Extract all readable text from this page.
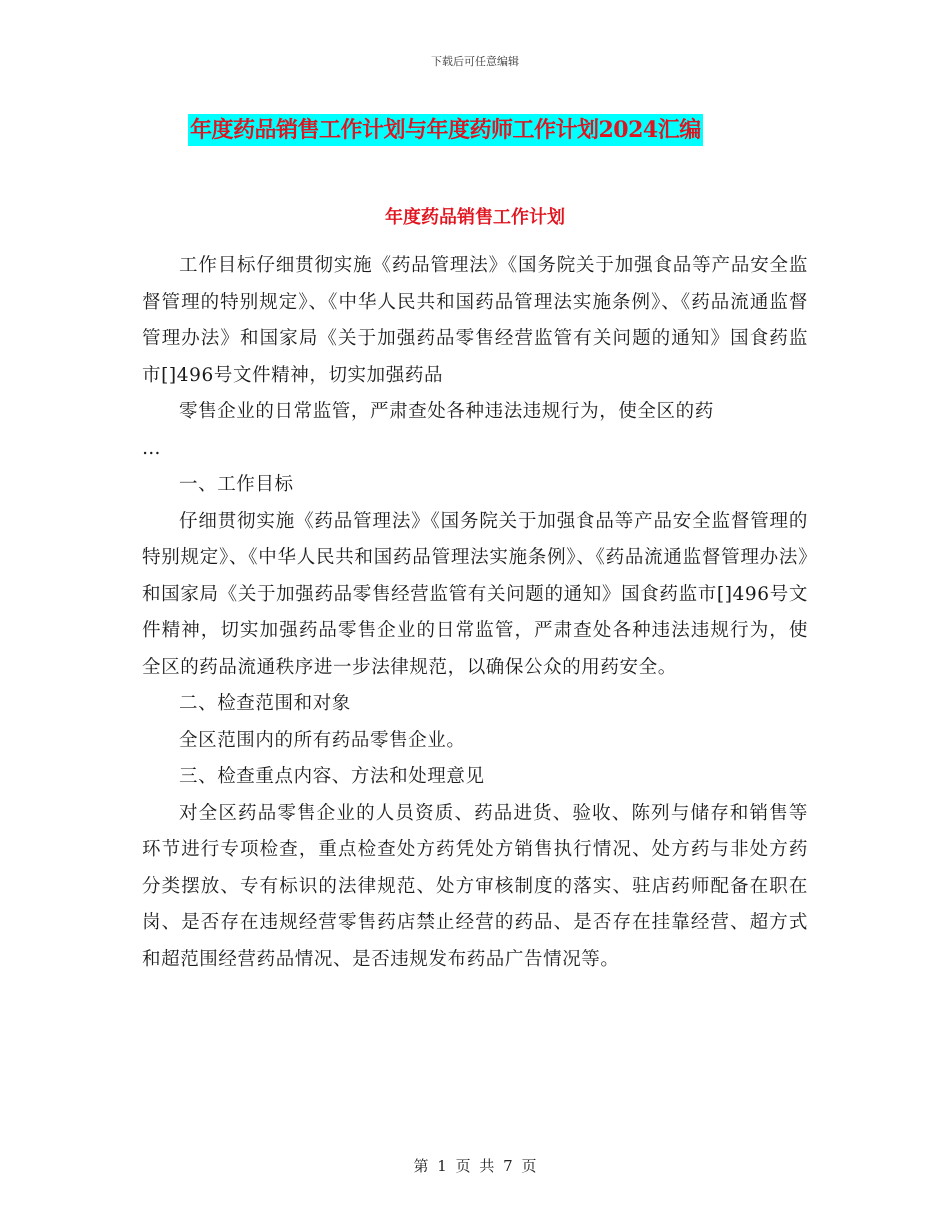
下载后可任意编辑
年度药品销售工作计划与年度药师工作计划2024汇编
年度药品销售工作计划

工作目标仔细贯彻实施《药品管理法》《国务院关于加强食品等产品安全监督管理的特别规定》、《中华人民共和国药品管理法实施条例》、《药品流通监督管理办法》和国家局《关于加强药品零售经营监管有关问题的通知》国食药监市[]496号文件精神，切实加强药品

零售企业的日常监管，严肃查处各种违法违规行为，使全区的药

…

一、工作目标

仔细贯彻实施《药品管理法》《国务院关于加强食品等产品安全监督管理的特别规定》、《中华人民共和国药品管理法实施条例》、《药品流通监督管理办法》和国家局《关于加强药品零售经营监管有关问题的通知》国食药监市[]496号文件精神，切实加强药品零售企业的日常监管，严肃查处各种违法违规行为，使全区的药品流通秩序进一步法律规范，以确保公众的用药安全。

二、检查范围和对象

全区范围内的所有药品零售企业。

三、检查重点内容、方法和处理意见

对全区药品零售企业的人员资质、药品进货、验收、陈列与储存和销售等环节进行专项检查，重点检查处方药凭处方销售执行情况、处方药与非处方药分类摆放、专有标识的法律规范、处方审核制度的落实、驻店药师配备在职在岗、是否存在违规经营零售药店禁止经营的药品、是否存在挂靠经营、超方式和超范围经营药品情况、是否违规发布药品广告情况等。

第 1 页 共 7 页
